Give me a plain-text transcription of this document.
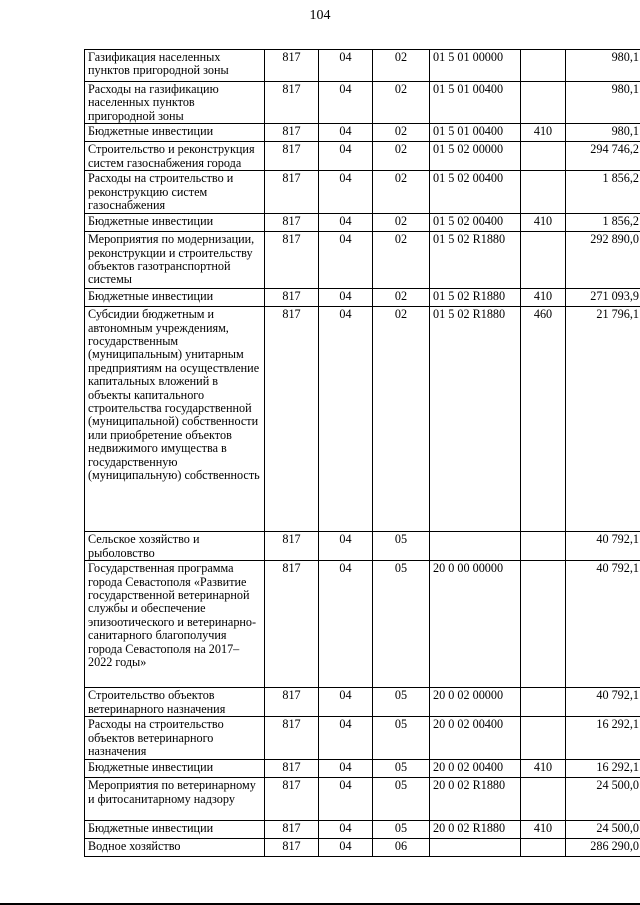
104
Газификация населенных пунктов пригородной зоны	817	04	02	01 5 01 00000		980,1
Расходы на газификацию населенных пунктов пригородной зоны	817	04	02	01 5 01 00400		980,1
Бюджетные инвестиции	817	04	02	01 5 01 00400	410	980,1
Строительство и реконструкция систем газоснабжения города	817	04	02	01 5 02 00000		294 746,2
Расходы на строительство и реконструкцию систем газоснабжения	817	04	02	01 5 02 00400		1 856,2
Бюджетные инвестиции	817	04	02	01 5 02 00400	410	1 856,2
Мероприятия по модернизации, реконструкции и строительству объектов газотранспортной системы	817	04	02	01 5 02 R1880		292 890,0
Бюджетные инвестиции	817	04	02	01 5 02 R1880	410	271 093,9
Субсидии бюджетным и автономным учреждениям, государственным (муниципальным) унитарным предприятиям на осуществление капитальных вложений в объекты капитального строительства государственной (муниципальной) собственности или приобретение объектов недвижимого имущества в государственную (муниципальную) собственность	817	04	02	01 5 02 R1880	460	21 796,1
Сельское хозяйство и рыболовство	817	04	05			40 792,1
Государственная программа города Севастополя «Развитие государственной ветеринарной службы и обеспечение эпизоотического и ветеринарно-санитарного благополучия города Севастополя на 2017–2022 годы»	817	04	05	20 0 00 00000		40 792,1
Строительство объектов ветеринарного назначения	817	04	05	20 0 02 00000		40 792,1
Расходы на строительство объектов ветеринарного назначения	817	04	05	20 0 02 00400		16 292,1
Бюджетные инвестиции	817	04	05	20 0 02 00400	410	16 292,1
Мероприятия по ветеринарному и фитосанитарному надзору	817	04	05	20 0 02 R1880		24 500,0
Бюджетные инвестиции	817	04	05	20 0 02 R1880	410	24 500,0
Водное хозяйство	817	04	06			286 290,0
